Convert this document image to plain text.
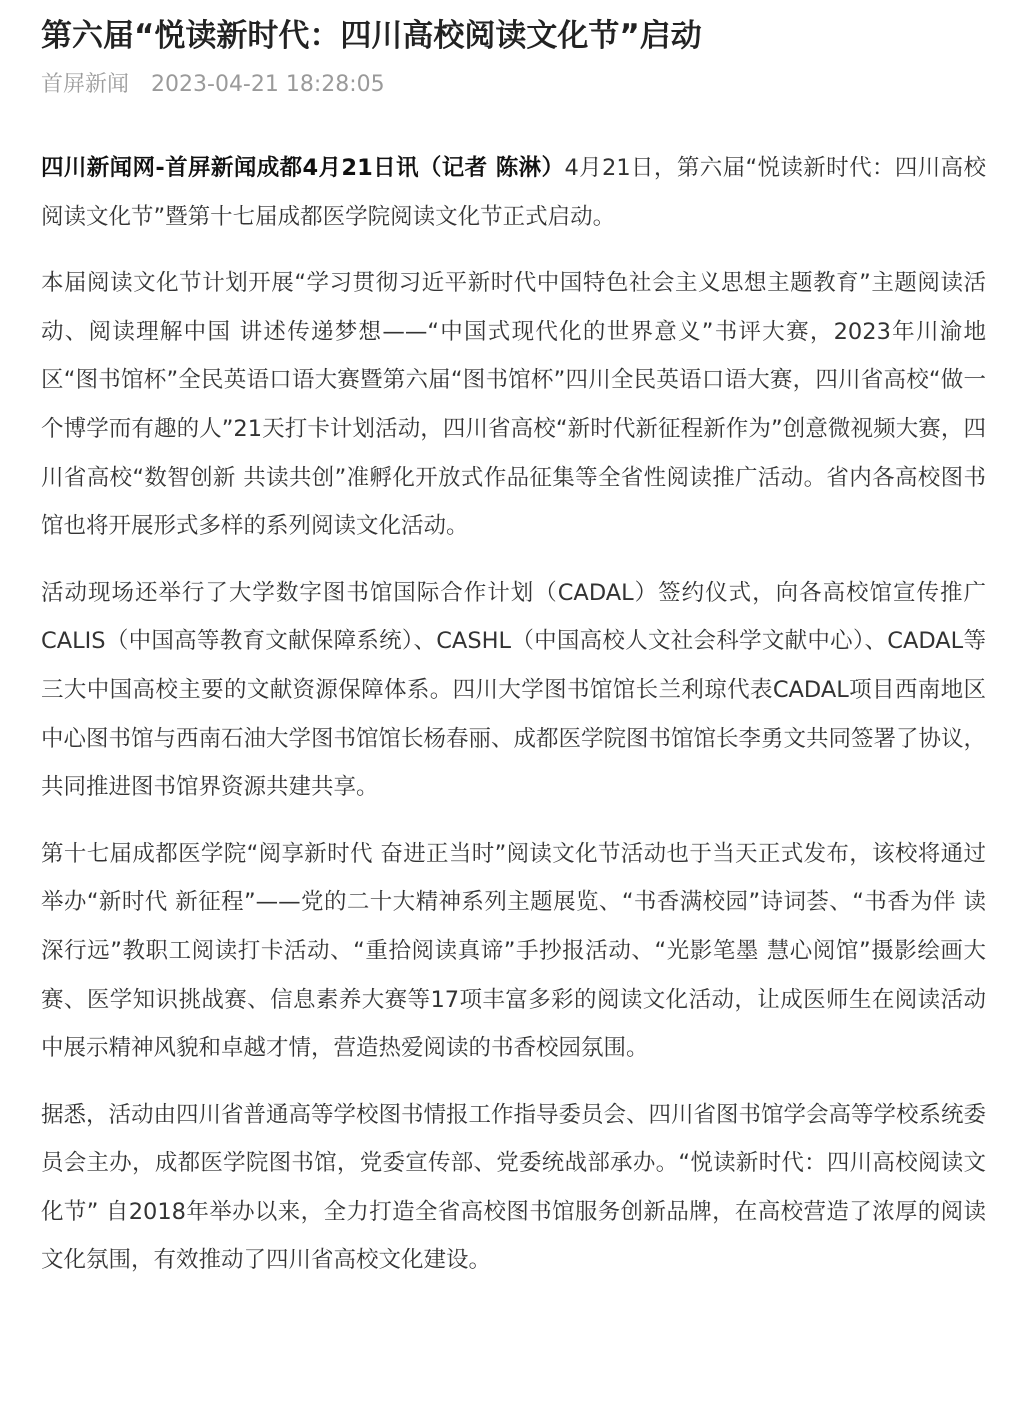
第六届“悦读新时代：四川高校阅读文化节”启动
首屏新闻 2023-04-21 18:28:05

四川新闻网-首屏新闻成都4月21日讯（记者 陈淋）4月21日，第六届“悦读新时代：四川高校阅读文化节”暨第十七届成都医学院阅读文化节正式启动。

本届阅读文化节计划开展“学习贯彻习近平新时代中国特色社会主义思想主题教育”主题阅读活动、阅读理解中国 讲述传递梦想——“中国式现代化的世界意义”书评大赛，2023年川渝地区“图书馆杯”全民英语口语大赛暨第六届“图书馆杯”四川全民英语口语大赛，四川省高校“做一个博学而有趣的人”21天打卡计划活动，四川省高校“新时代新征程新作为”创意微视频大赛，四川省高校“数智创新 共读共创”准孵化开放式作品征集等全省性阅读推广活动。省内各高校图书馆也将开展形式多样的系列阅读文化活动。

活动现场还举行了大学数字图书馆国际合作计划（CADAL）签约仪式，向各高校馆宣传推广CALIS（中国高等教育文献保障系统）、CASHL（中国高校人文社会科学文献中心）、CADAL等三大中国高校主要的文献资源保障体系。四川大学图书馆馆长兰利琼代表CADAL项目西南地区中心图书馆与西南石油大学图书馆馆长杨春丽、成都医学院图书馆馆长李勇文共同签署了协议，共同推进图书馆界资源共建共享。

第十七届成都医学院“阅享新时代 奋进正当时”阅读文化节活动也于当天正式发布，该校将通过举办“新时代 新征程”——党的二十大精神系列主题展览、“书香满校园”诗词荟、“书香为伴 读深行远”教职工阅读打卡活动、“重拾阅读真谛”手抄报活动、“光影笔墨 慧心阅馆”摄影绘画大赛、医学知识挑战赛、信息素养大赛等17项丰富多彩的阅读文化活动，让成医师生在阅读活动中展示精神风貌和卓越才情，营造热爱阅读的书香校园氛围。

据悉，活动由四川省普通高等学校图书情报工作指导委员会、四川省图书馆学会高等学校系统委员会主办，成都医学院图书馆，党委宣传部、党委统战部承办。“悦读新时代：四川高校阅读文化节” 自2018年举办以来，全力打造全省高校图书馆服务创新品牌，在高校营造了浓厚的阅读文化氛围，有效推动了四川省高校文化建设。
